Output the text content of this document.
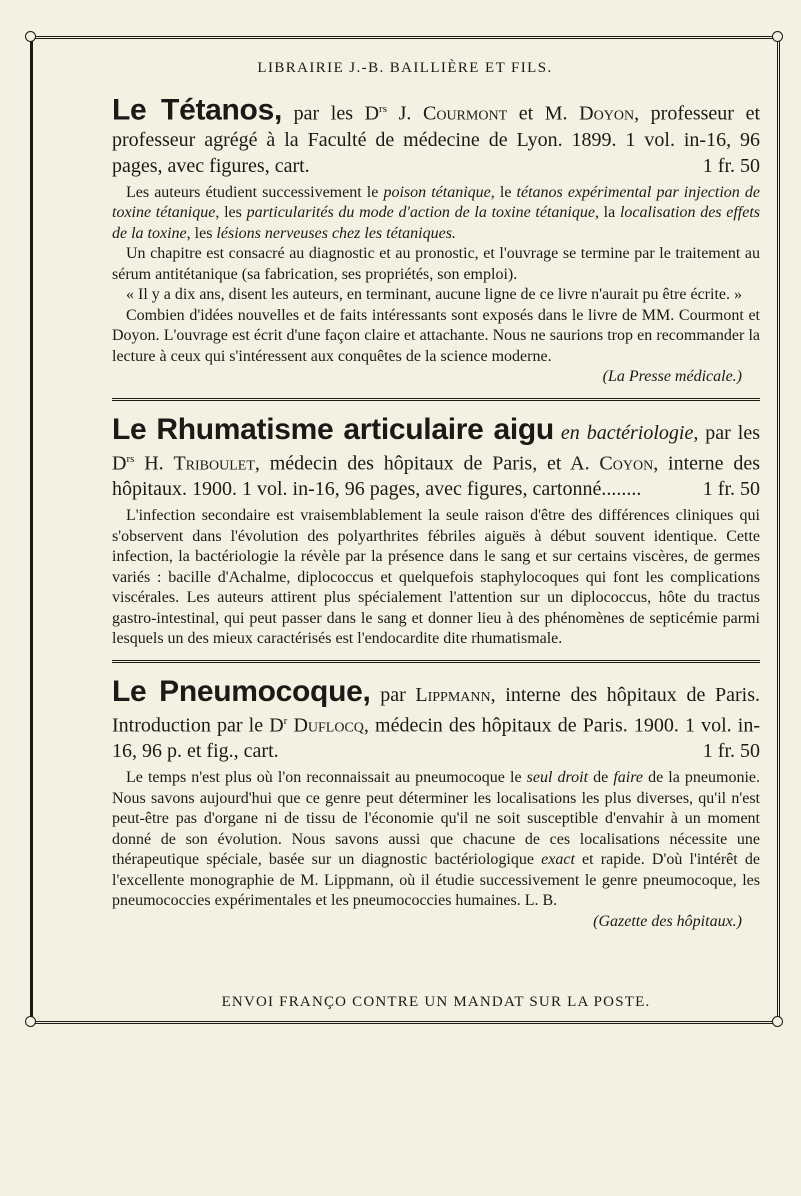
LIBRAIRIE J.-B. BAILLIÈRE ET FILS.

Le Tétanos, par les $D^{rs}$ J. Courmont et M. Doyon, professeur et professeur agrégé à la Faculté de médecine de Lyon. 1899. 1 vol. in-16, 96 pages, avec figures, cart.	1 fr. 50

Les auteurs étudient successivement le poison tétanique, le tétanos expérimental par injection de toxine tétanique, les particularités du mode d'action de la toxine tétanique, la localisation des effets de la toxine, les lésions nerveuses chez les tétaniques.

Un chapitre est consacré au diagnostic et au pronostic, et l'ouvrage se termine par le traitement au sérum antitétanique (sa fabrication, ses propriétés, son emploi).

« Il y a dix ans, disent les auteurs, en terminant, aucune ligne de ce livre n'aurait pu être écrite. »

Combien d'idées nouvelles et de faits intéressants sont exposés dans le livre de MM. Courmont et Doyon. L'ouvrage est écrit d'une façon claire et attachante. Nous ne saurions trop en recommander la lecture à ceux qui s'intéressent aux conquêtes de la science moderne.

(La Presse médicale.)

Le Rhumatisme articulaire aigu en bactériologie, par les $D^{rs}$ H. Triboulet, médecin des hôpitaux de Paris, et A. Coyon, interne des hôpitaux. 1900. 1 vol. in-16, 96 pages, avec figures, cartonné........	1 fr. 50

L'infection secondaire est vraisemblablement la seule raison d'être des différences cliniques qui s'observent dans l'évolution des polyarthrites fébriles aiguës à début souvent identique. Cette infection, la bactériologie la révèle par la présence dans le sang et sur certains viscères, de germes variés : bacille d'Achalme, diplococcus et quelquefois staphylocoques qui font les complications viscérales. Les auteurs attirent plus spécialement l'attention sur un diplococcus, hôte du tractus gastro-intestinal, qui peut passer dans le sang et donner lieu à des phénomènes de septicémie parmi lesquels un des mieux caractérisés est l'endocardite dite rhumatismale.

Le Pneumocoque, par Lippmann, interne des hôpitaux de Paris. Introduction par le $D^r$ Duflocq, médecin des hôpitaux de Paris. 1900. 1 vol. in-16, 96 p. et fig., cart.	1 fr. 50

Le temps n'est plus où l'on reconnaissait au pneumocoque le seul droit de faire de la pneumonie. Nous savons aujourd'hui que ce genre peut déterminer les localisations les plus diverses, qu'il n'est peut-être pas d'organe ni de tissu de l'économie qu'il ne soit susceptible d'envahir à un moment donné de son évolution. Nous savons aussi que chacune de ces localisations nécessite une thérapeutique spéciale, basée sur un diagnostic bactériologique exact et rapide. D'où l'intérêt de l'excellente monographie de M. Lippmann, où il étudie successivement le genre pneumocoque, les pneumococcies expérimentales et les pneumococcies humaines. L. B.

(Gazette des hôpitaux.)

ENVOI FRANÇO CONTRE UN MANDAT SUR LA POSTE.
